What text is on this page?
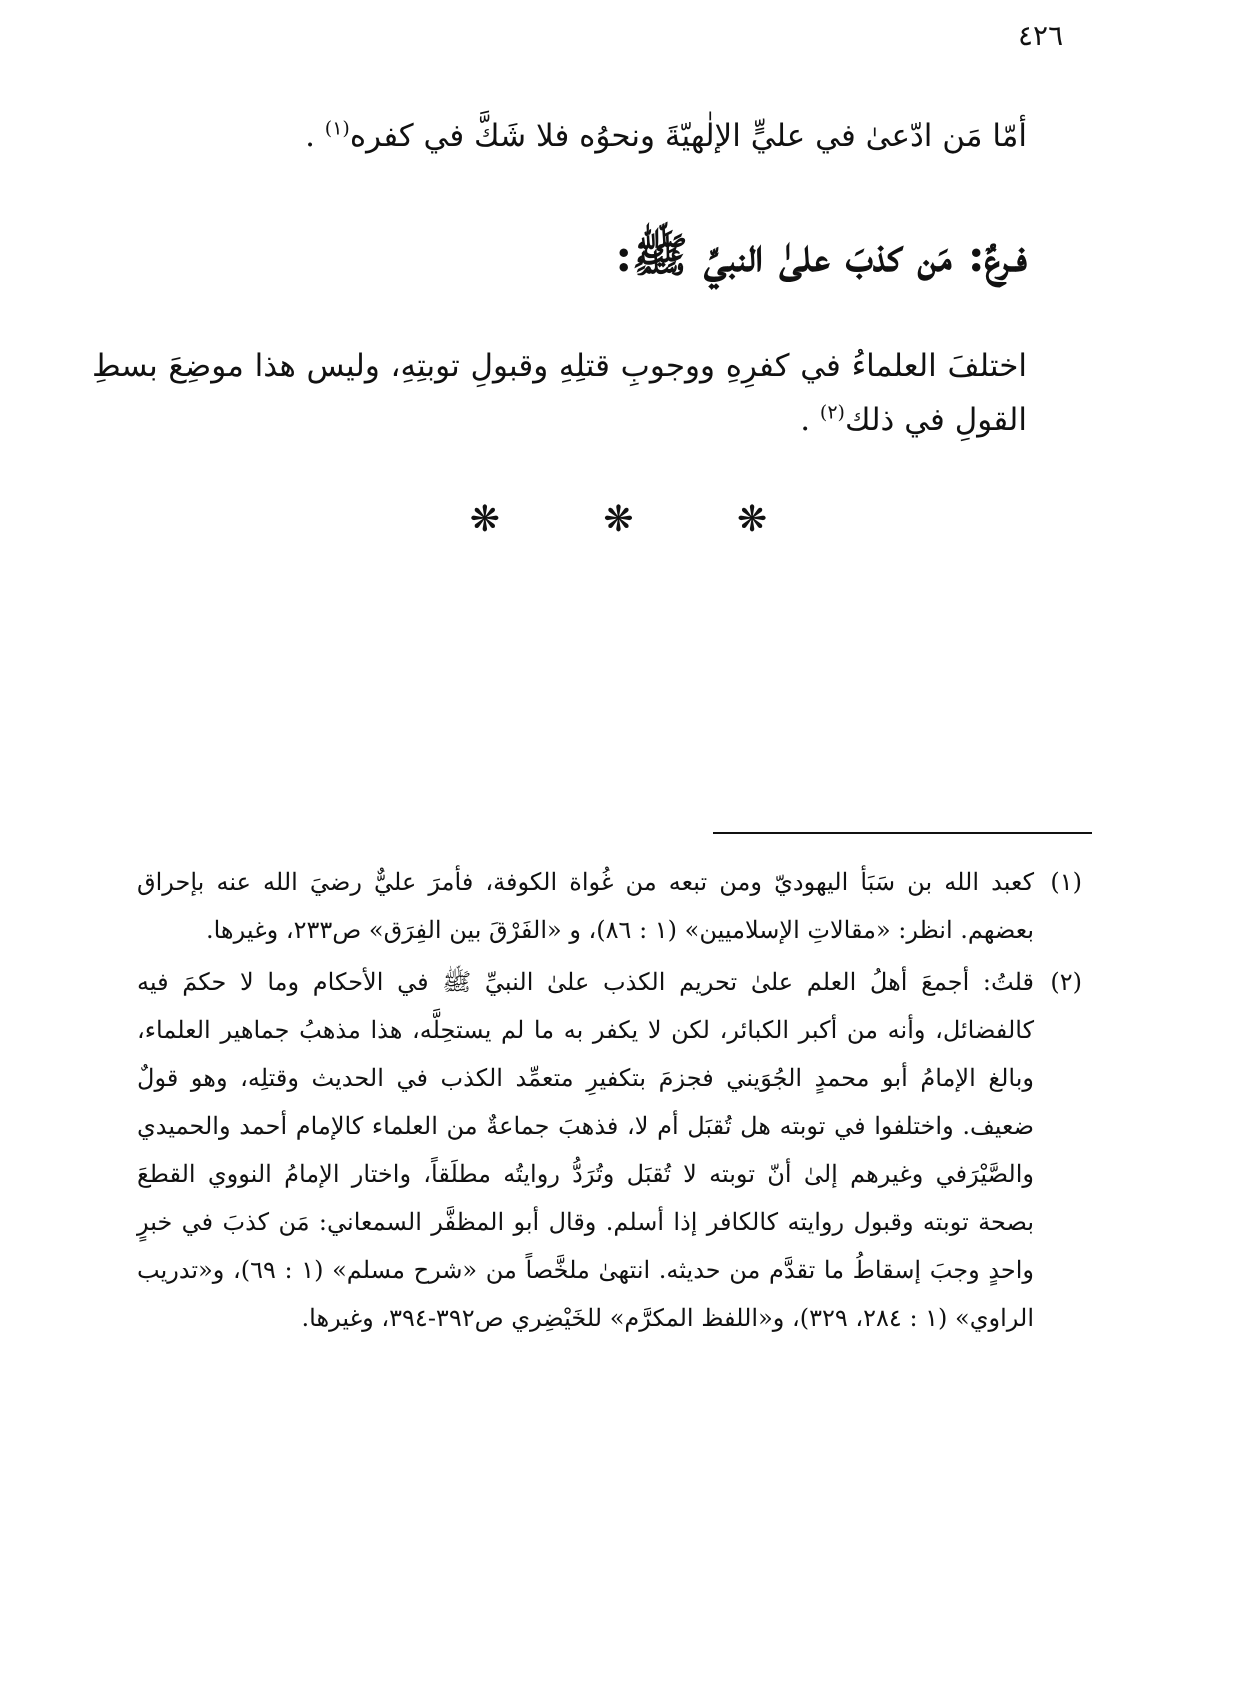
٤٢٦

أمّا مَن ادّعىٰ في عليٍّ الإلٰهيّةَ ونحوُه فلا شَكَّ في كفره$^{(١)}$ .

فـرعٌ: مَن كذبَ علىٰ النبيِّ ﷺ:

اختلفَ العلماءُ في كفرِهِ ووجوبِ قتلِهِ وقبولِ توبتِهِ، وليس هذا موضِعَ بسطِ القولِ في ذلك$^{(٢)}$ .

❋	❋	❋

(١)
كعبد الله بن سَبَأ اليهوديّ ومن تبعه من غُواة الكوفة، فأمرَ عليٌّ رضيَ الله عنه بإحراق بعضهم. انظر: «مقالاتِ الإسلاميين» (١ : ٨٦)، و «الفَرْقَ بين الفِرَق» ص٢٣٣، وغيرها.

(٢)
قلتُ: أجمعَ أهلُ العلم علىٰ تحريم الكذب علىٰ النبيِّ ﷺ في الأحكام وما لا حكمَ فيه كالفضائل، وأنه من أكبر الكبائر، لكن لا يكفر به ما لم يستحِلَّه، هذا مذهبُ جماهير العلماء، وبالغ الإمامُ أبو محمدٍ الجُوَيني فجزمَ بتكفيرِ متعمِّد الكذب في الحديث وقتلِه، وهو قولٌ ضعيف. واختلفوا في توبته هل تُقبَل أم لا، فذهبَ جماعةٌ من العلماء كالإمام أحمد والحميدي والصَّيْرَفي وغيرهم إلىٰ أنّ توبته لا تُقبَل وتُرَدُّ روايتُه مطلَقاً، واختار الإمامُ النووي القطعَ بصحة توبته وقبول روايته كالكافر إذا أسلم. وقال أبو المظفَّر السمعاني: مَن كذبَ في خبرٍ واحدٍ وجبَ إسقاطُ ما تقدَّم من حديثه. انتهىٰ ملخَّصاً من «شرح مسلم» (١ : ٦٩)، و«تدريب الراوي» (١ : ٢٨٤، ٣٢٩)، و«اللفظ المكرَّم» للخَيْضِري ص٣٩٢-٣٩٤، وغيرها.
